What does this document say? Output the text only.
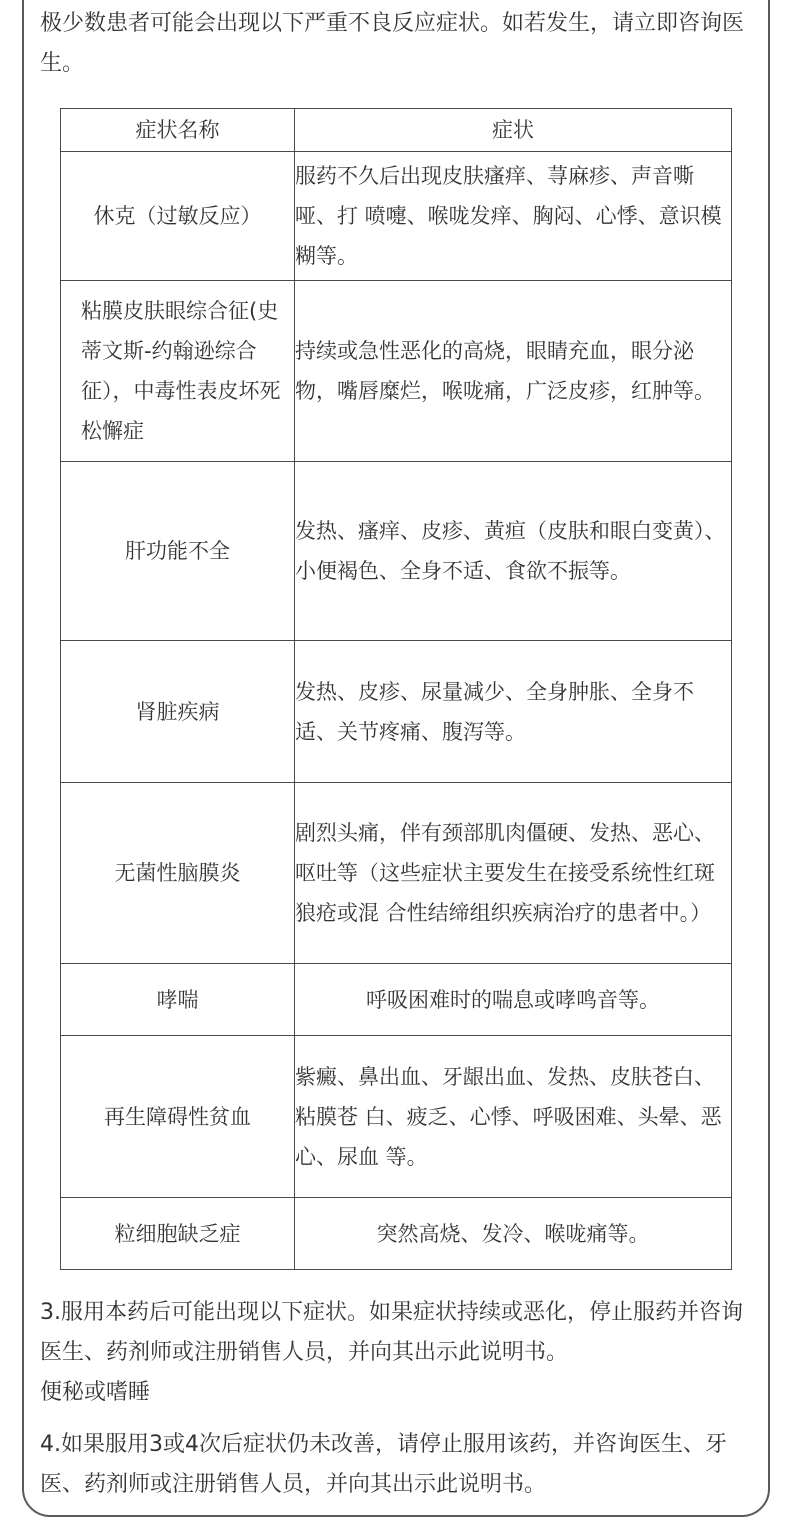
极少数患者可能会出现以下严重不良反应症状。如若发生，请立即咨询医生。

症状名称	症状
休克（过敏反应）	服药不久后出现皮肤瘙痒、荨麻疹、声音嘶哑、打 喷嚏、喉咙发痒、胸闷、心悸、意识模糊等。
粘膜皮肤眼综合征(史蒂文斯-约翰逊综合征），中毒性表皮坏死松懈症	持续或急性恶化的高烧，眼睛充血，眼分泌物，嘴唇糜烂，喉咙痛，广泛皮疹，红肿等。
肝功能不全	发热、瘙痒、皮疹、黄疸（皮肤和眼白变黄）、小便褐色、全身不适、食欲不振等。
肾脏疾病	发热、皮疹、尿量减少、全身肿胀、全身不适、关节疼痛、腹泻等。
无菌性脑膜炎	剧烈头痛，伴有颈部肌肉僵硬、发热、恶心、呕吐等（这些症状主要发生在接受系统性红斑狼疮或混 合性结缔组织疾病治疗的患者中。）
哮喘	呼吸困难时的喘息或哮鸣音等。
再生障碍性贫血	紫癜、鼻出血、牙龈出血、发热、皮肤苍白、粘膜苍 白、疲乏、心悸、呼吸困难、头晕、恶心、尿血 等。
粒细胞缺乏症	突然高烧、发冷、喉咙痛等。

3.服用本药后可能出现以下症状。如果症状持续或恶化，停止服药并咨询医生、药剂师或注册销售人员，并向其出示此说明书。

便秘或嗜睡

4.如果服用3或4次后症状仍未改善，请停止服用该药，并咨询医生、牙医、药剂师或注册销售人员，并向其出示此说明书。
